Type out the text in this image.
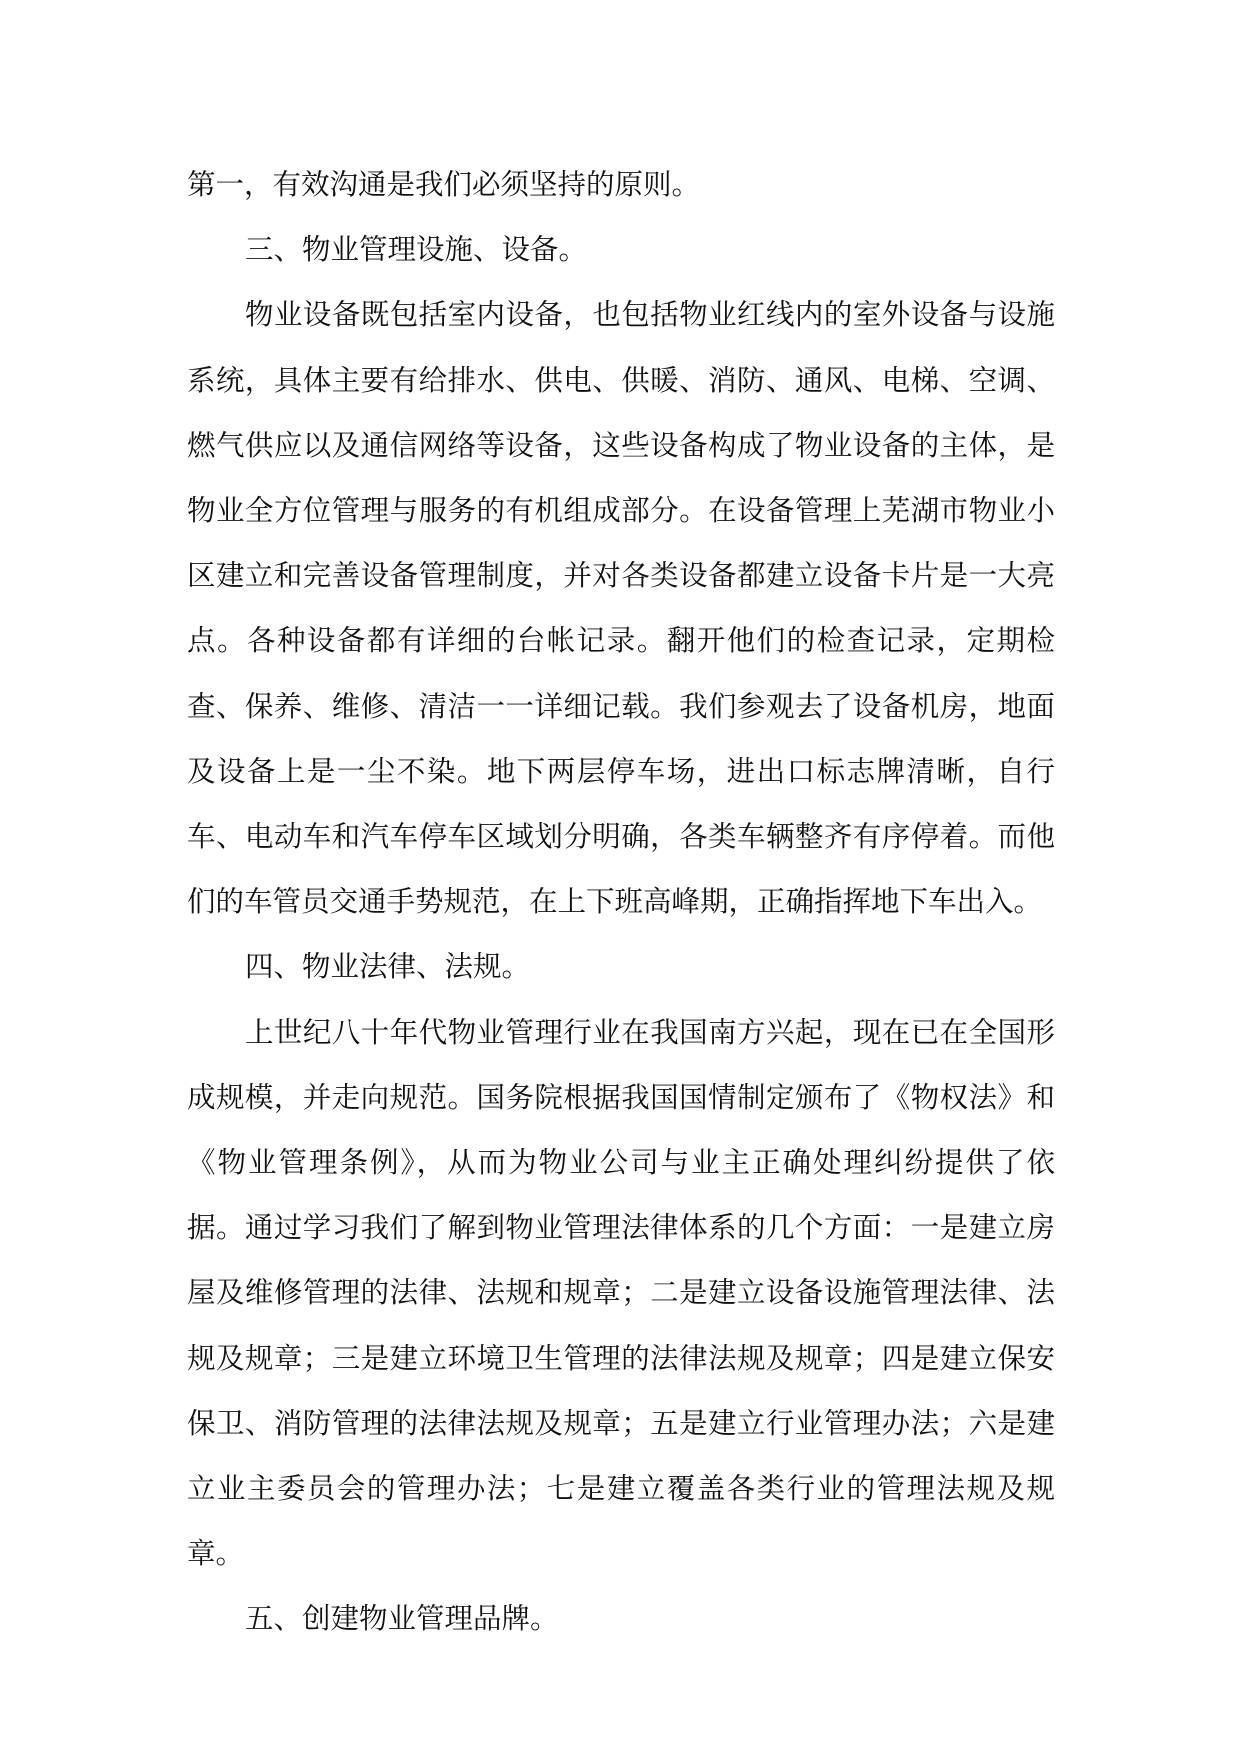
第一，有效沟通是我们必须坚持的原则。

三、物业管理设施、设备。

物业设备既包括室内设备，也包括物业红线内的室外设备与设施系统，具体主要有给排水、供电、供暖、消防、通风、电梯、空调、燃气供应以及通信网络等设备，这些设备构成了物业设备的主体，是物业全方位管理与服务的有机组成部分。在设备管理上芜湖市物业小区建立和完善设备管理制度，并对各类设备都建立设备卡片是一大亮点。各种设备都有详细的台帐记录。翻开他们的检查记录，定期检查、保养、维修、清洁一一详细记载。我们参观去了设备机房，地面及设备上是一尘不染。地下两层停车场，进出口标志牌清晰，自行车、电动车和汽车停车区域划分明确，各类车辆整齐有序停着。而他们的车管员交通手势规范，在上下班高峰期，正确指挥地下车出入。

四、物业法律、法规。

上世纪八十年代物业管理行业在我国南方兴起，现在已在全国形成规模，并走向规范。国务院根据我国国情制定颁布了《物权法》和《物业管理条例》，从而为物业公司与业主正确处理纠纷提供了依据。通过学习我们了解到物业管理法律体系的几个方面：一是建立房屋及维修管理的法律、法规和规章；二是建立设备设施管理法律、法规及规章；三是建立环境卫生管理的法律法规及规章；四是建立保安保卫、消防管理的法律法规及规章；五是建立行业管理办法；六是建立业主委员会的管理办法；七是建立覆盖各类行业的管理法规及规章。

五、创建物业管理品牌。
